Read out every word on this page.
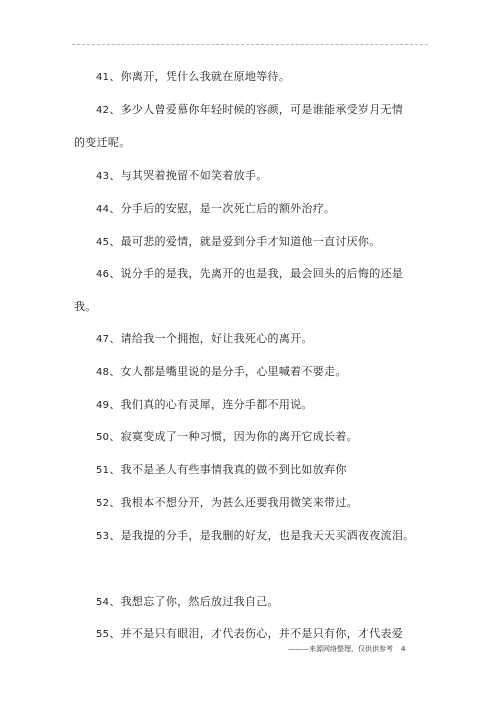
41、你离开，凭什么我就在原地等待。
42、多少人曾爱慕你年轻时候的容颜，可是谁能承受岁月无情
的变迁呢。
43、与其哭着挽留不如笑着放手。
44、分手后的安慰，是一次死亡后的额外治疗。
45、最可悲的爱情，就是爱到分手才知道他一直讨厌你。
46、说分手的是我，先离开的也是我，最会回头的后悔的还是
我。
47、请给我一个拥抱，好让我死心的离开。
48、女人都是嘴里说的是分手，心里喊着不要走。
49、我们真的心有灵犀，连分手都不用说。
50、寂寞变成了一种习惯，因为你的离开它成长着。
51、我不是圣人有些事情我真的做不到比如放弃你
52、我根本不想分开，为甚么还要我用微笑来带过。
53、是我提的分手，是我删的好友，也是我天天买酒夜夜流泪。
54、我想忘了你，然后放过我自己。
55、并不是只有眼泪，才代表伤心，并不是只有你，才代表爱
———来源网络整理，仅供供参考 4
